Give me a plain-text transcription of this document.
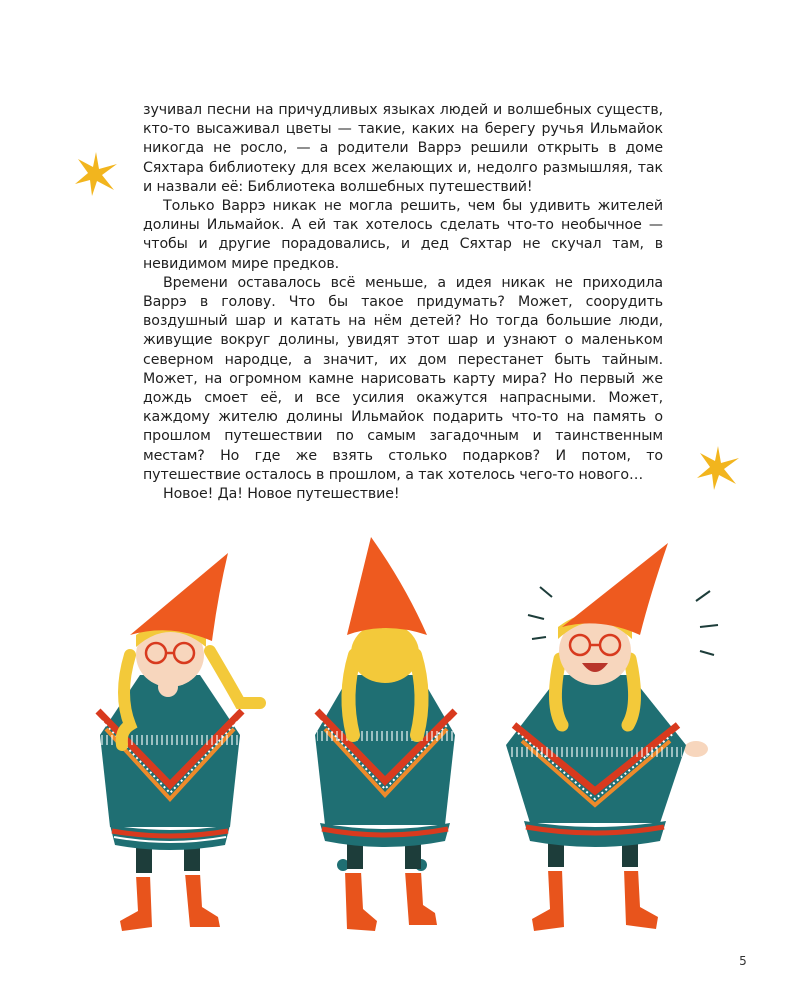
зучивал песни на причудливых языках людей и волшебных существ, кто-то высаживал цветы — такие, каких на берегу ручья Ильмайок никогда не росло, — а родители Варрэ решили открыть в доме Сяхтара библиотеку для всех желающих и, недолго размышляя, так и назвали её: Библиотека волшебных путешествий!

Только Варрэ никак не могла решить, чем бы удивить жителей долины Ильмайок. А ей так хотелось сделать что-то необычное — чтобы и другие порадовались, и дед Сяхтар не скучал там, в невидимом мире предков.

Времени оставалось всё меньше, а идея никак не приходила Варрэ в голову. Что бы такое придумать? Может, соорудить воздушный шар и катать на нём детей? Но тогда большие люди, живущие вокруг долины, увидят этот шар и узнают о маленьком северном народце, а значит, их дом перестанет быть тайным. Может, на огромном камне нарисовать карту мира? Но первый же дождь смоет её, и все усилия окажутся напрасными. Может, каждому жителю долины Ильмайок подарить что-то на память о прошлом путешествии по самым загадочным и таинственным местам? Но где же взять столько подарков? И потом, то путешествие осталось в прошлом, а так хотелось чего-то нового…

Новое! Да! Новое путешествие!

5
